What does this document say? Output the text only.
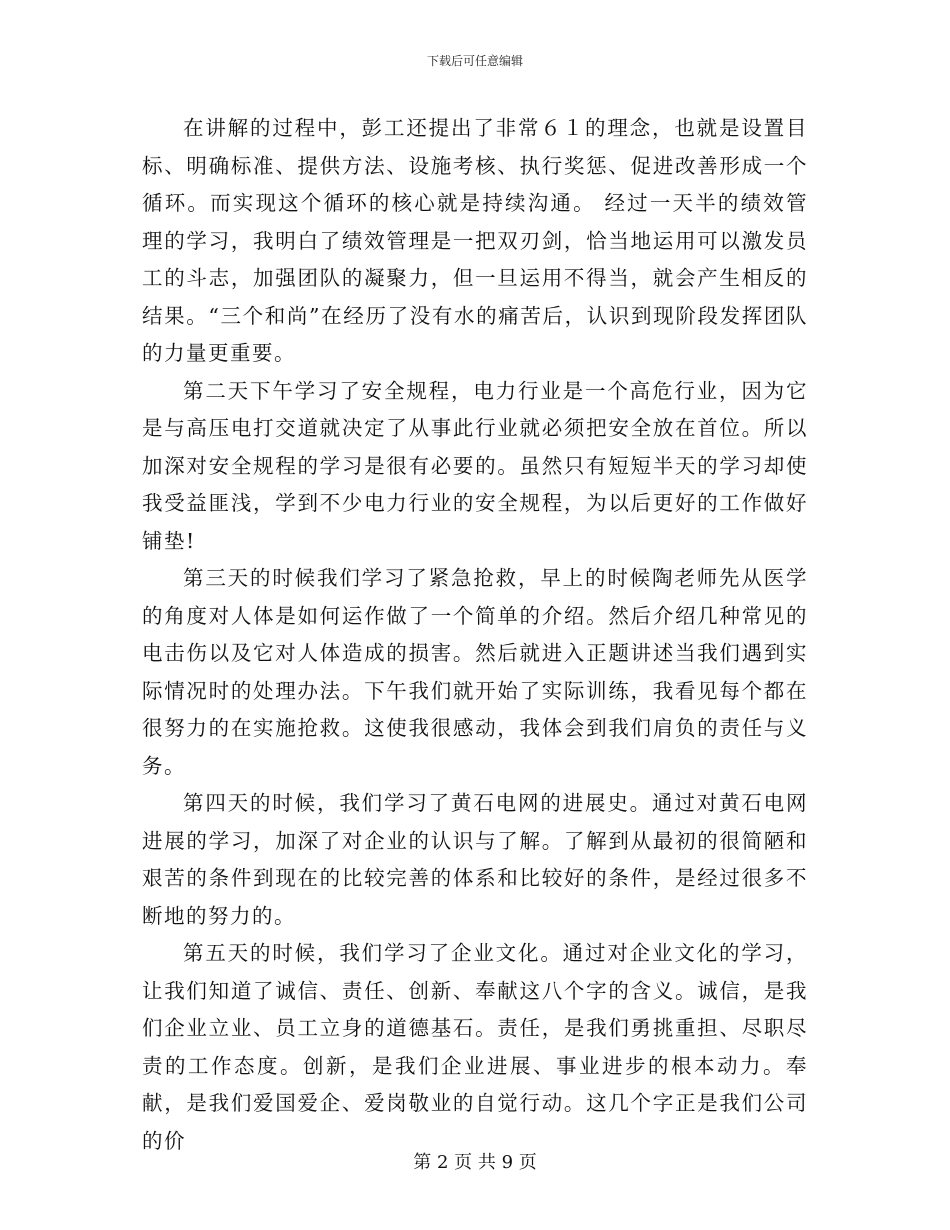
下载后可任意编辑

在讲解的过程中，彭工还提出了非常６１的理念，也就是设置目标、明确标准、提供方法、设施考核、执行奖惩、促进改善形成一个循环。而实现这个循环的核心就是持续沟通。 经过一天半的绩效管理的学习，我明白了绩效管理是一把双刃剑，恰当地运用可以激发员工的斗志，加强团队的凝聚力，但一旦运用不得当，就会产生相反的结果。“三个和尚”在经历了没有水的痛苦后，认识到现阶段发挥团队的力量更重要。

第二天下午学习了安全规程，电力行业是一个高危行业，因为它是与高压电打交道就决定了从事此行业就必须把安全放在首位。所以加深对安全规程的学习是很有必要的。虽然只有短短半天的学习却使我受益匪浅，学到不少电力行业的安全规程，为以后更好的工作做好铺垫!

第三天的时候我们学习了紧急抢救，早上的时候陶老师先从医学的角度对人体是如何运作做了一个简单的介绍。然后介绍几种常见的电击伤以及它对人体造成的损害。然后就进入正题讲述当我们遇到实际情况时的处理办法。下午我们就开始了实际训练，我看见每个都在很努力的在实施抢救。这使我很感动，我体会到我们肩负的责任与义务。

第四天的时候，我们学习了黄石电网的进展史。通过对黄石电网进展的学习，加深了对企业的认识与了解。了解到从最初的很简陋和艰苦的条件到现在的比较完善的体系和比较好的条件，是经过很多不断地的努力的。

第五天的时候，我们学习了企业文化。通过对企业文化的学习，让我们知道了诚信、责任、创新、奉献这八个字的含义。诚信，是我们企业立业、员工立身的道德基石。责任，是我们勇挑重担、尽职尽责的工作态度。创新，是我们企业进展、事业进步的根本动力。奉献，是我们爱国爱企、爱岗敬业的自觉行动。这几个字正是我们公司的价

第 2 页 共 9 页
